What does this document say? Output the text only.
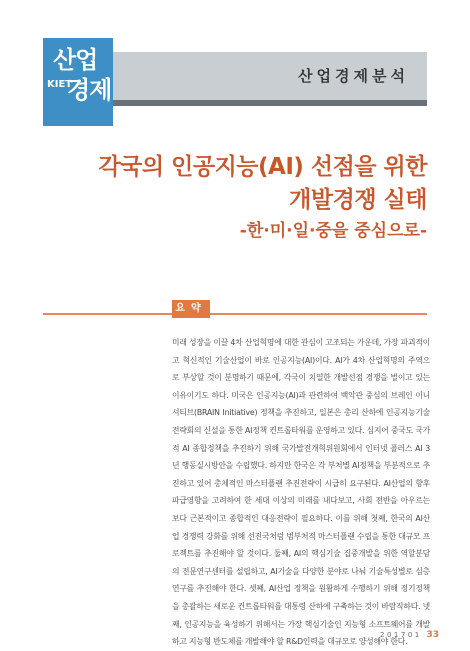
산업
KIET
경제	산업경제분석
각국의 인공지능(AI) 선점을 위한
개발경쟁 실태
-한·미·일·중을 중심으로-
요약
미래 성장을 이끌 4차 산업혁명에 대한 관심이 고조되는 가운데, 가장 파괴적이고 혁신적인 기술산업이 바로 인공지능(AI)이다. AI가 4차 산업혁명의 주역으로 부상할 것이 분명하기 때문에, 각국이 치열한 개발선점 경쟁을 벌이고 있는 이유이기도 하다. 미국은 인공지능(AI)과 관련하여 백악관 중심의 브레인 이니셔티브(BRAIN Initiative) 정책을 추진하고, 일본은 총리 산하에 인공지능기술전략회의 신설을 통한 AI정책 컨트롤타워를 운영하고 있다. 심지어 중국도 국가적 AI 종합정책을 추진하기 위해 국가발전개혁위원회에서 인터넷 플러스 AI 3년 행동실시방안을 수립했다. 하지만 한국은 각 부처별 AI정책을 부분적으로 추진하고 있어 총체적인 마스터플랜 추진전략이 시급히 요구된다. AI산업의 향후 파급영향을 고려하여 한 세대 이상의 미래를 내다보고, 사회 전반을 아우르는 보다 근본적이고 종합적인 대응전략이 필요하다. 이를 위해 첫째, 한국의 AI산업 경쟁력 강화를 위해 선진국처럼 범부처적 마스터플랜 수립을 통한 대규모 프로젝트를 추진해야 할 것이다. 둘째, AI의 핵심기술 집중개발을 위한 역할분담의 전문연구센터를 설립하고, AI기술을 다양한 분야로 나눠 기술특성별로 심층연구를 추진해야 한다. 셋째, AI산업 정책을 원활하게 수행하기 위해 정기정책을 총괄하는 새로운 컨트롤타워를 대통령 산하에 구축하는 것이 바람직하다. 넷째, 인공지능을 육성하기 위해서는 가장 핵심기술인 지능형 소프트웨어를 개발하고 지능형 반도체를 개발해야 할 R&D인력을 대규모로 양성해야 한다.
201701 33
